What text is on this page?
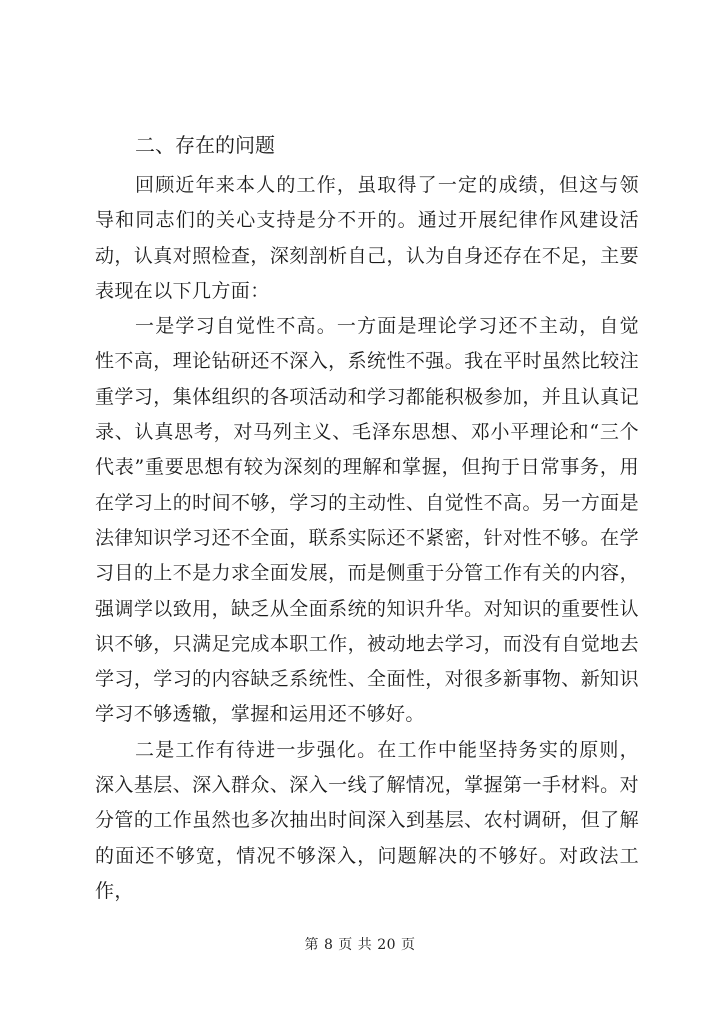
二、存在的问题

回顾近年来本人的工作，虽取得了一定的成绩，但这与领导和同志们的关心支持是分不开的。通过开展纪律作风建设活动，认真对照检查，深刻剖析自己，认为自身还存在不足，主要表现在以下几方面：

一是学习自觉性不高。一方面是理论学习还不主动，自觉性不高，理论钻研还不深入，系统性不强。我在平时虽然比较注重学习，集体组织的各项活动和学习都能积极参加，并且认真记录、认真思考，对马列主义、毛泽东思想、邓小平理论和“三个代表”重要思想有较为深刻的理解和掌握，但拘于日常事务，用在学习上的时间不够，学习的主动性、自觉性不高。另一方面是法律知识学习还不全面，联系实际还不紧密，针对性不够。在学习目的上不是力求全面发展，而是侧重于分管工作有关的内容，强调学以致用，缺乏从全面系统的知识升华。对知识的重要性认识不够，只满足完成本职工作，被动地去学习，而没有自觉地去学习，学习的内容缺乏系统性、全面性，对很多新事物、新知识学习不够透辙，掌握和运用还不够好。

二是工作有待进一步强化。在工作中能坚持务实的原则，深入基层、深入群众、深入一线了解情况，掌握第一手材料。对分管的工作虽然也多次抽出时间深入到基层、农村调研，但了解的面还不够宽，情况不够深入，问题解决的不够好。对政法工作，

第 8 页 共 20 页
